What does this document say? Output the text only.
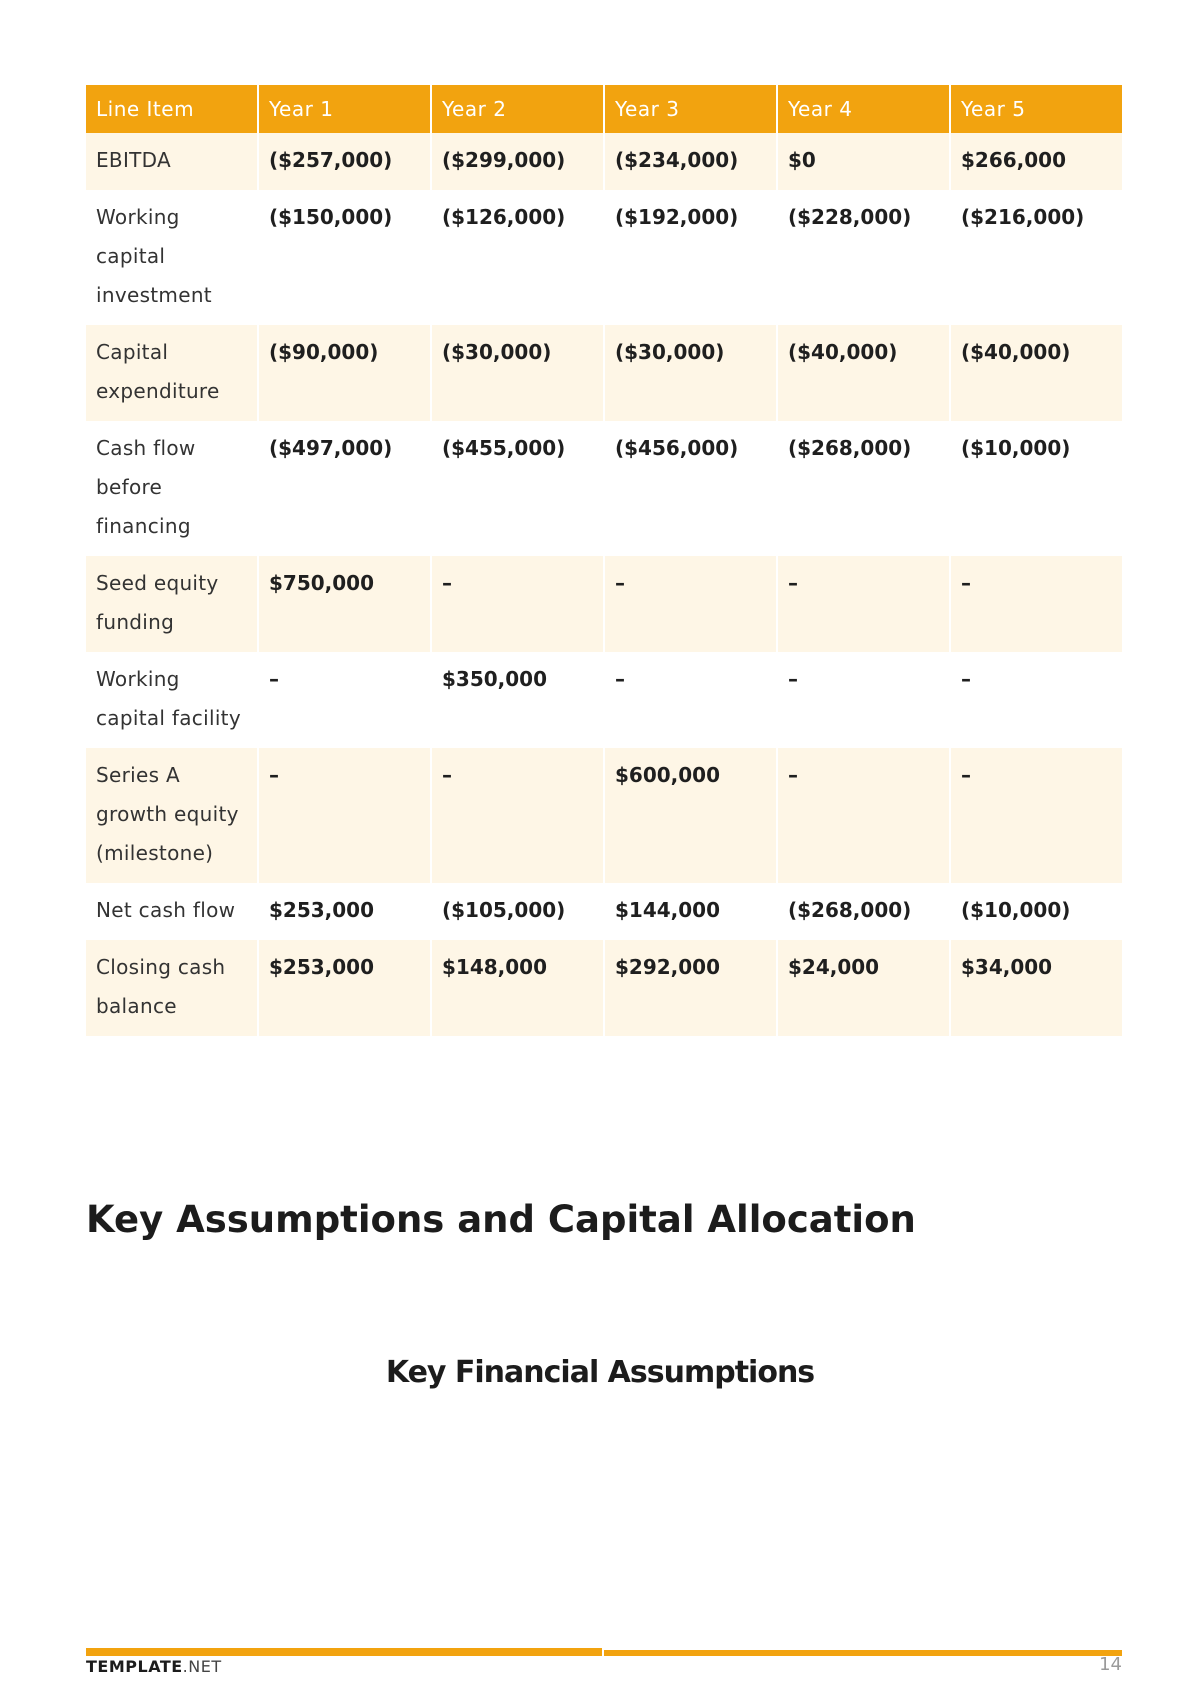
Line Item	Year 1	Year 2	Year 3	Year 4	Year 5
EBITDA	($257,000)	($299,000)	($234,000)	$0	$266,000
Working capital investment	($150,000)	($126,000)	($192,000)	($228,000)	($216,000)
Capital expenditure	($90,000)	($30,000)	($30,000)	($40,000)	($40,000)
Cash flow before financing	($497,000)	($455,000)	($456,000)	($268,000)	($10,000)
Seed equity funding	$750,000	–	–	–	–
Working capital facility	–	$350,000	–	–	–
Series A growth equity (milestone)	–	–	$600,000	–	–
Net cash flow	$253,000	($105,000)	$144,000	($268,000)	($10,000)
Closing cash balance	$253,000	$148,000	$292,000	$24,000	$34,000
Key Assumptions and Capital Allocation
Key Financial Assumptions
TEMPLATE.NET	14
